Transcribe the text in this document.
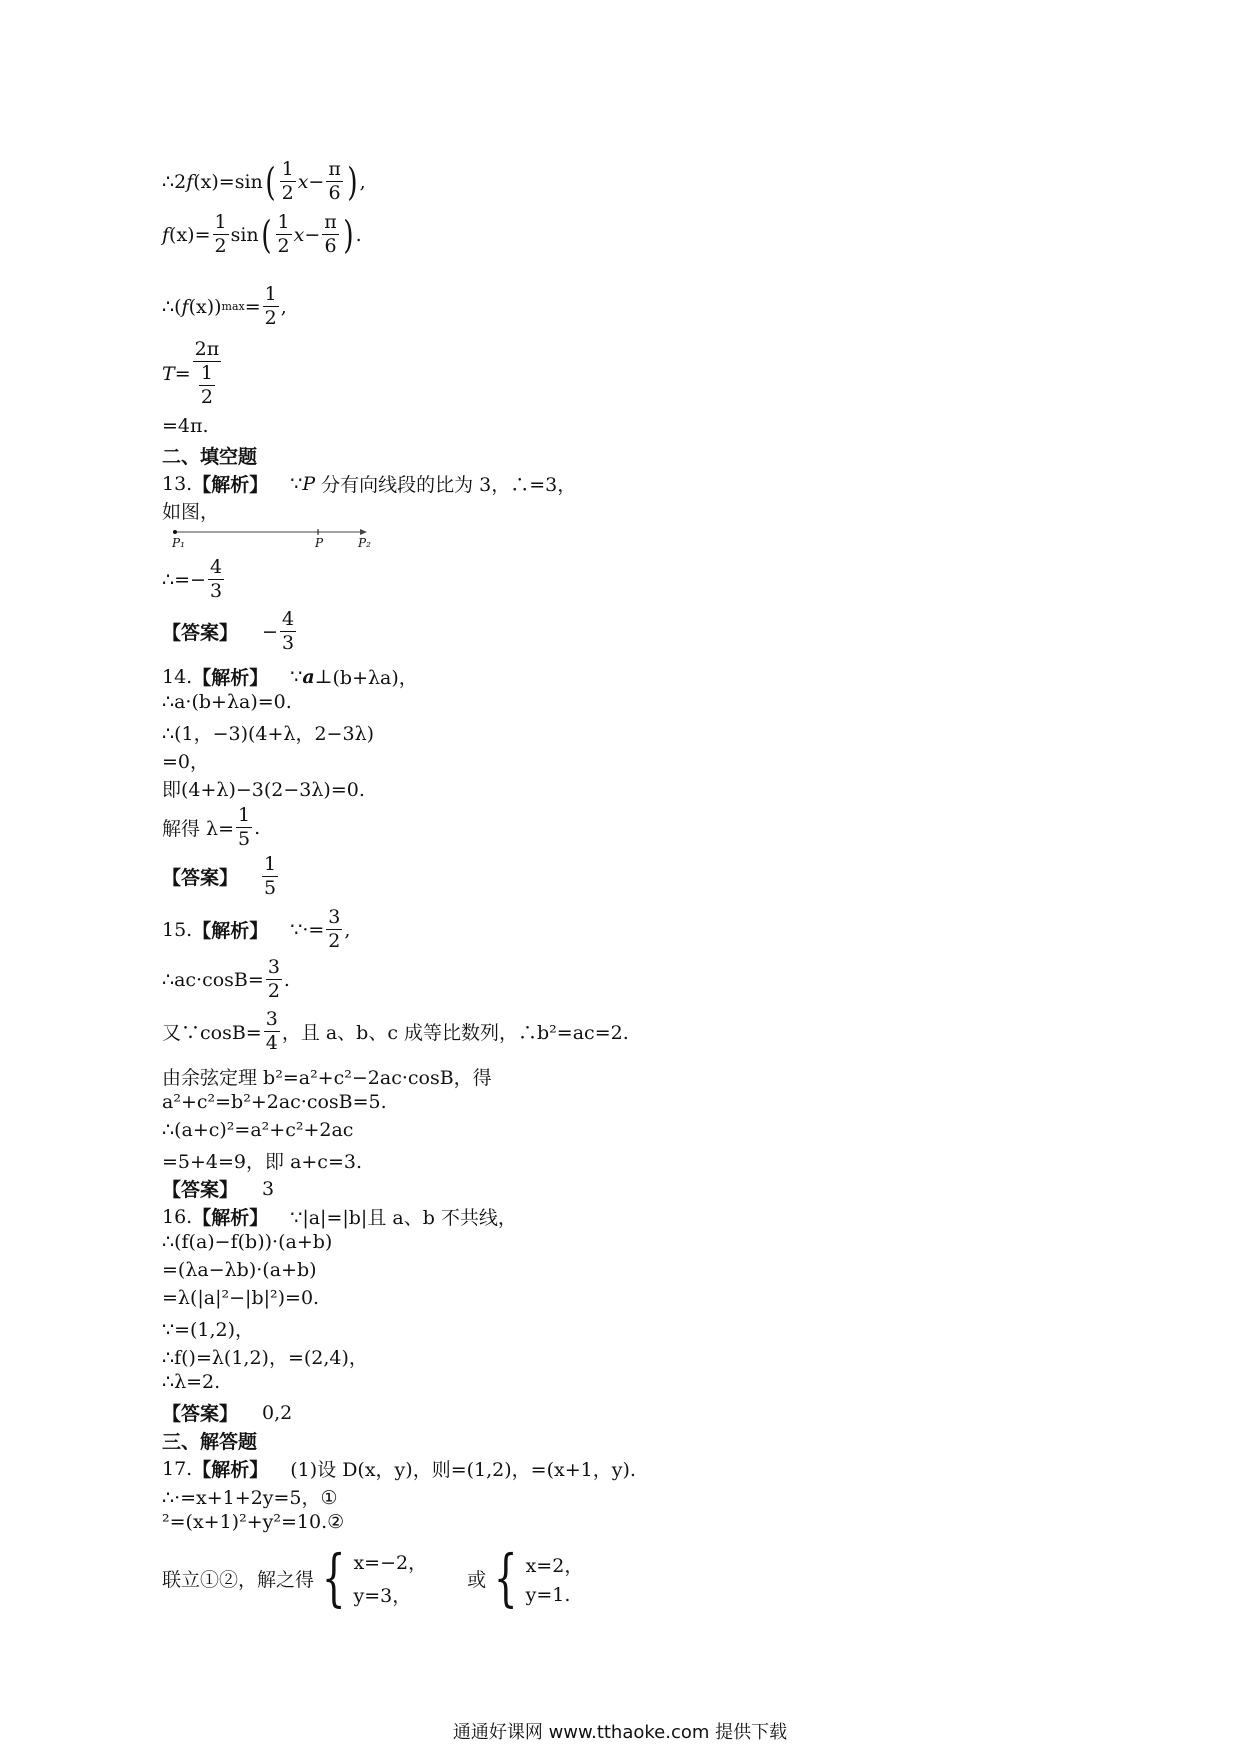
∴2 f (x)=sin ( $\frac{1}{2}$ $x - \frac{\pi}{6}$ ) ,
f $(x)= \frac{1}{2}$ sin ( $\frac{1}{2}$ $x - \frac{\pi}{6}$ ) .
∴( f (x)) $\max = \frac{1}{2}$ ,
$T = \frac{2\pi}{\frac{1}{2}}$
=4π.
二、填空题
13. 【解析】 ∵ P 分有向线段的比为 3，∴=3，
如图，
P₁	P	P₂
∴=− $\frac{4}{3}$
【答案】 − $\frac{4}{3}$
14. 【解析】 ∵ a ⊥ (b+λa)，
∴a·(b+λa)=0.
∴(1，−3)(4+λ，2−3λ)
=0，
即(4+λ)−3(2−3λ)=0.
解得 $\lambda= \frac{1}{5}$ .
【答案】 $\frac{1}{5}$
15. 【解析】 ∵·= $\frac{3}{2}$ ,
∴ac·cosB= $\frac{3}{2}$ .
又∵cosB= $\frac{3}{4}$ ，且 a、b、c 成等比数列，∴b²=ac=2.
由余弦定理 b²=a²+c²−2ac·cosB，得
a²+c²=b²+2ac·cosB=5.
∴(a+c)²=a²+c²+2ac
=5+4=9，即 a+c=3.
【答案】 3
16. 【解析】 ∵|a|=|b|且 a、b 不共线，
∴(f(a)−f(b))·(a+b)
=(λa−λb)·(a+b)
=λ(|a|²−|b|²)=0.
∵=(1,2)，
∴f()=λ(1,2)，=(2,4)，
∴λ=2.
【答案】 0,2
三、解答题
17. 【解析】 (1)设 D(x，y)，则=(1,2)，=(x+1，y).
∴·=x+1+2y=5，①
²=(x+1)²+y²=10.②
联立①②，解之得 { x=−2，
y=3，
或 { x=2，
y=1.
通通好课网 www.tthaoke.com 提供下载
